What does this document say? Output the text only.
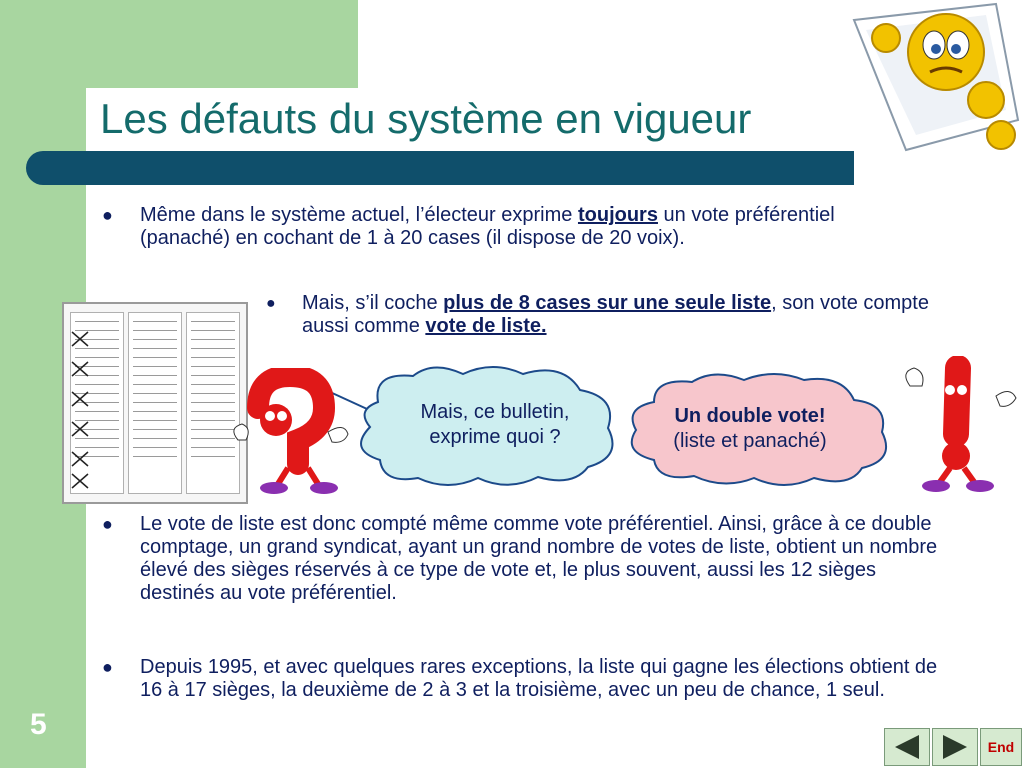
Les défauts du système en vigueur
● Même dans le système actuel, l’électeur exprime toujours un vote préférentiel (panaché) en cochant de 1 à 20 cases (il dispose de 20 voix).
● Mais, s’il coche plus de 8 cases sur une seule liste, son vote compte aussi comme vote de liste.
Mais, ce bulletin,
exprime quoi ?
Un double vote!
(liste et panaché)
● Le vote de liste est donc compté même comme vote préférentiel. Ainsi, grâce à ce double comptage, un grand syndicat, ayant un grand nombre de votes de liste, obtient un nombre élevé des sièges réservés à ce type de vote et, le plus souvent, aussi les 12 sièges destinés au vote préférentiel.
● Depuis 1995, et avec quelques rares exceptions, la liste qui gagne les élections obtient de 16 à 17 sièges, la deuxième de 2 à 3 et la troisième, avec un peu de chance, 1 seul.
5
End
